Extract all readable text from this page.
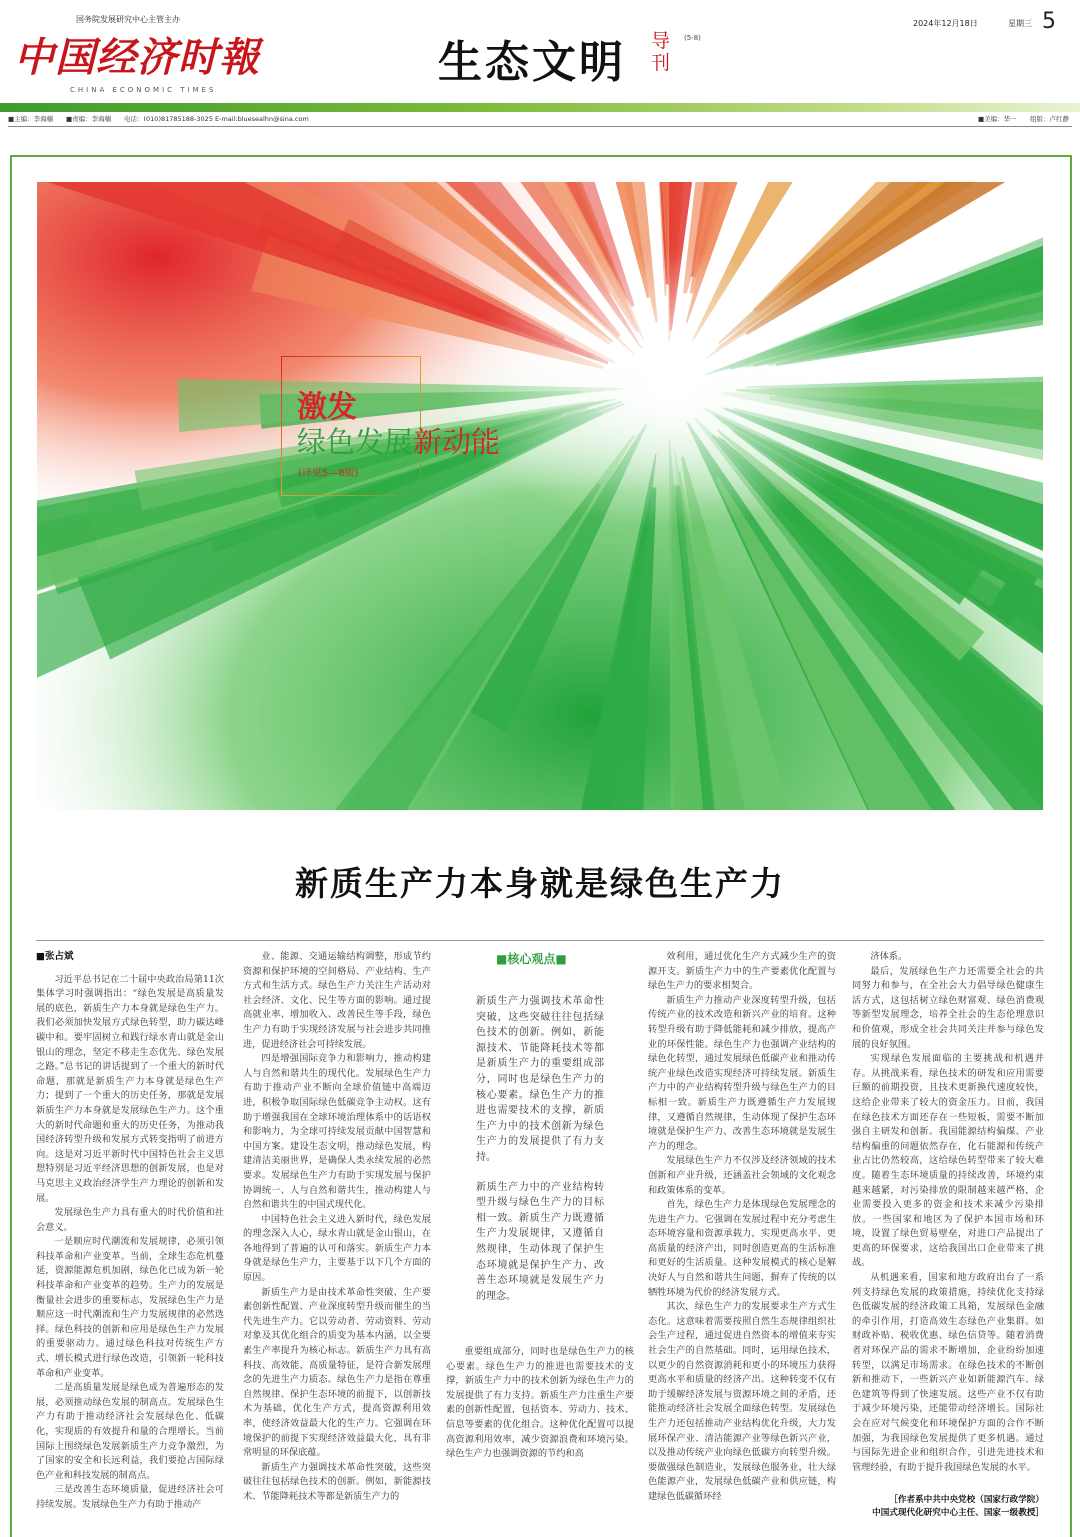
国务院发展研究中心主管主办
中国经济时報
CHINA ECONOMIC TIMES
生态文明 导刊
(5-8)
2024年12月18日	星期三 5
■主编：李海楠 ■责编：李海楠 电话：(010)81785188-3025 E-mail:bluesealhn@sina.com	■美编：华一 组版：卢红静
激发
绿色发展新动能
(详见5—8版)
新质生产力本身就是绿色生产力

■张占斌

习近平总书记在二十届中央政治局第11次集体学习时强调指出：“绿色发展是高质量发展的底色，新质生产力本身就是绿色生产力。我们必须加快发展方式绿色转型，助力碳达峰碳中和。要牢固树立和践行绿水青山就是金山银山的理念，坚定不移走生态优先、绿色发展之路。”总书记的讲话提到了一个重大的新时代命题，那就是新质生产力本身就是绿色生产力；提到了一个重大的历史任务，那就是发展新质生产力本身就是发展绿色生产力。这个重大的新时代命题和重大的历史任务，为推动我国经济转型升级和发展方式转变指明了前进方向。这是对习近平新时代中国特色社会主义思想特别是习近平经济思想的创新发展，也是对马克思主义政治经济学生产力理论的创新和发展。

发展绿色生产力具有重大的时代价值和社会意义。

一是顺应时代潮流和发展规律，必须引领科技革命和产业变革。当前，全球生态危机蔓延，资源能源危机加剧，绿色化已成为新一轮科技革命和产业变革的趋势。生产力的发展是衡量社会进步的重要标志，发展绿色生产力是顺应这一时代潮流和生产力发展规律的必然选择。绿色科技的创新和应用是绿色生产力发展的重要驱动力。通过绿色科技对传统生产方式、增长模式进行绿色改造，引领新一轮科技革命和产业变革。

二是高质量发展是绿色成为普遍形态的发展，必须推动绿色发展的制高点。发展绿色生产力有助于推动经济社会发展绿色化、低碳化，实现质的有效提升和量的合理增长。当前国际上围绕绿色发展新质生产力竞争激烈，为了国家的安全和长远利益，我们要抢占国际绿色产业和科技发展的制高点。

三是改善生态环境质量，促进经济社会可持续发展。发展绿色生产力有助于推动产

业、能源、交通运输结构调整，形成节约资源和保护环境的空间格局、产业结构、生产方式和生活方式。绿色生产力关注生产活动对社会经济、文化、民生等方面的影响。通过提高就业率、增加收入、改善民生等手段，绿色生产力有助于实现经济发展与社会进步共同推进，促进经济社会可持续发展。

四是增强国际竞争力和影响力，推动构建人与自然和谐共生的现代化。发展绿色生产力有助于推动产业不断向全球价值链中高端迈进，积极争取国际绿色低碳竞争主动权。这有助于增强我国在全球环境治理体系中的话语权和影响力，为全球可持续发展贡献中国智慧和中国方案。建设生态文明，推动绿色发展，构建清洁美丽世界，是确保人类永续发展的必然要求。发展绿色生产力有助于实现发展与保护协调统一、人与自然和谐共生，推动构建人与自然和谐共生的中国式现代化。

中国特色社会主义进入新时代，绿色发展的理念深入人心，绿水青山就是金山银山，在各地得到了普遍的认可和落实。新质生产力本身就是绿色生产力，主要基于以下几个方面的原因。

新质生产力是由技术革命性突破、生产要素创新性配置、产业深度转型升级而催生的当代先进生产力。它以劳动者、劳动资料、劳动对象及其优化组合的质变为基本内涵，以全要素生产率提升为核心标志。新质生产力具有高科技、高效能、高质量特征，是符合新发展理念的先进生产力质态。绿色生产力是指在尊重自然规律、保护生态环境的前提下，以创新技术为基础，优化生产方式，提高资源利用效率，使经济效益最大化的生产力。它强调在环境保护的前提下实现经济效益最大化，具有非常明显的环保底蕴。

新质生产力强调技术革命性突破，这些突破往往包括绿色技术的创新。例如，新能源技术、节能降耗技术等都是新质生产力的

■核心观点■

新质生产力强调技术革命性突破，这些突破往往包括绿色技术的创新。例如，新能源技术、节能降耗技术等都是新质生产力的重要组成部分，同时也是绿色生产力的核心要素。绿色生产力的推进也需要技术的支撑，新质生产力中的技术创新为绿色生产力的发展提供了有力支持。

新质生产力中的产业结构转型升级与绿色生产力的目标相一致。新质生产力既遵循生产力发展规律，又遵循自然规律，生动体现了保护生态环境就是保护生产力、改善生态环境就是发展生产力的理念。

重要组成部分，同时也是绿色生产力的核心要素。绿色生产力的推进也需要技术的支撑，新质生产力中的技术创新为绿色生产力的发展提供了有力支持。新质生产力注重生产要素的创新性配置，包括资本、劳动力、技术、信息等要素的优化组合。这种优化配置可以提高资源利用效率，减少资源浪费和环境污染。绿色生产力也强调资源的节约和高

效利用，通过优化生产方式减少生产的资源开支。新质生产力中的生产要素优化配置与绿色生产力的要求相契合。

新质生产力推动产业深度转型升级，包括传统产业的技术改造和新兴产业的培育。这种转型升级有助于降低能耗和减少排放，提高产业的环保性能。绿色生产力也强调产业结构的绿色化转型，通过发展绿色低碳产业和推动传统产业绿色改造实现经济可持续发展。新质生产力中的产业结构转型升级与绿色生产力的目标相一致。新质生产力既遵循生产力发展规律，又遵循自然规律，生动体现了保护生态环境就是保护生产力、改善生态环境就是发展生产力的理念。

发展绿色生产力不仅涉及经济领域的技术创新和产业升级，还涵盖社会领域的文化观念和政策体系的变革。

首先，绿色生产力是体现绿色发展理念的先进生产力。它强调在发展过程中充分考虑生态环境容量和资源承载力，实现更高水平、更高质量的经济产出，同时创造更高的生活标准和更好的生活质量。这种发展模式的核心是解决好人与自然和谐共生问题，摒弃了传统的以牺牲环境为代价的经济发展方式。

其次，绿色生产力的发展要求生产方式生态化。这意味着需要按照自然生态规律组织社会生产过程，通过促进自然资本的增值来夯实社会生产的自然基础。同时，运用绿色技术，以更少的自然资源消耗和更小的环境压力获得更高水平和质量的经济产出。这种转变不仅有助于缓解经济发展与资源环境之间的矛盾，还能推动经济社会发展全面绿色转型。发展绿色生产力还包括推动产业结构优化升级，大力发展环保产业、清洁能源产业等绿色新兴产业，以及推动传统产业向绿色低碳方向转型升级。要做强绿色制造业，发展绿色服务业，壮大绿色能源产业，发展绿色低碳产业和供应链，构建绿色低碳循环经

济体系。

最后，发展绿色生产力还需要全社会的共同努力和参与，在全社会大力倡导绿色健康生活方式，这包括树立绿色财富观、绿色消费观等新型发展理念，培养全社会的生态伦理意识和价值观，形成全社会共同关注并参与绿色发展的良好氛围。

实现绿色发展面临的主要挑战和机遇并存。从挑战来看，绿色技术的研发和应用需要巨额的前期投资，且技术更新换代速度较快，这给企业带来了较大的资金压力。目前，我国在绿色技术方面还存在一些短板，需要不断加强自主研发和创新。我国能源结构偏煤、产业结构偏重的问题依然存在，化石能源和传统产业占比仍然较高，这给绿色转型带来了较大难度。随着生态环境质量的持续改善，环境约束越来越紧，对污染排放的限制越来越严格，企业需要投入更多的资金和技术来减少污染排放。一些国家和地区为了保护本国市场和环境，设置了绿色贸易壁垒，对进口产品提出了更高的环保要求，这给我国出口企业带来了挑战。

从机遇来看，国家和地方政府出台了一系列支持绿色发展的政策措施，持续优化支持绿色低碳发展的经济政策工具箱，发展绿色金融的牵引作用，打造高效生态绿色产业集群。如财政补贴、税收优惠、绿色信贷等。随着消费者对环保产品的需求不断增加，企业纷纷加速转型，以满足市场需求。在绿色技术的不断创新和推动下，一些新兴产业如新能源汽车、绿色建筑等得到了快速发展。这些产业不仅有助于减少环境污染，还能带动经济增长。国际社会在应对气候变化和环境保护方面的合作不断加强，为我国绿色发展提供了更多机遇。通过与国际先进企业和组织合作，引进先进技术和管理经验，有助于提升我国绿色发展的水平。

［作者系中共中央党校（国家行政学院）
中国式现代化研究中心主任、国家一级教授］
